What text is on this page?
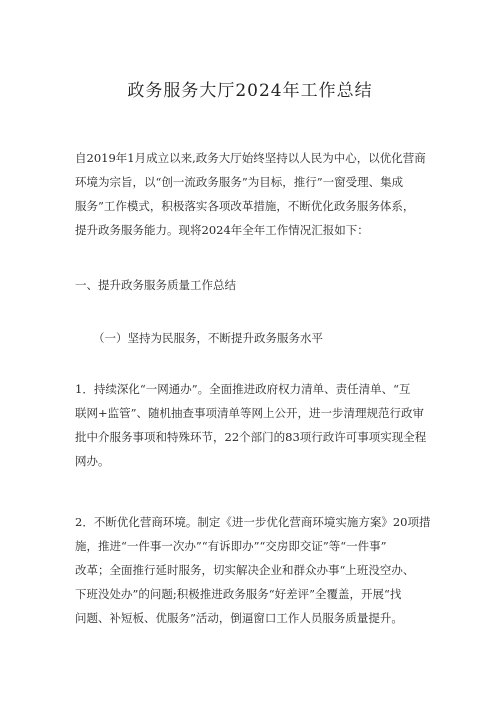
政务服务大厅2024年工作总结
自2019年1月成立以来,政务大厅始终坚持以人民为中心，以优化营商
环境为宗旨，以“创一流政务服务”为目标，推行”一窗受理、集成
服务”工作模式，积极落实各项改革措施，不断优化政务服务体系，
提升政务服务能力。现将2024年全年工作情况汇报如下：
一、提升政务服务质量工作总结
（一）坚持为民服务，不断提升政务服务水平
1．持续深化“一网通办”。全面推进政府权力清单、责任清单、“互
联网+监管”、随机抽查事项清单等网上公开，进一步清理规范行政审
批中介服务事项和特殊环节，22个部门的83项行政许可事项实现全程
网办。
2．不断优化营商环境。制定《进一步优化营商环境实施方案》20项措
施，推进“一件事一次办”“有诉即办”“交房即交证”等“一件事”
改革；全面推行延时服务，切实解决企业和群众办事“上班没空办、
下班没处办”的问题;积极推进政务服务“好差评”全覆盖，开展“找
问题、补短板、优服务”活动，倒逼窗口工作人员服务质量提升。
